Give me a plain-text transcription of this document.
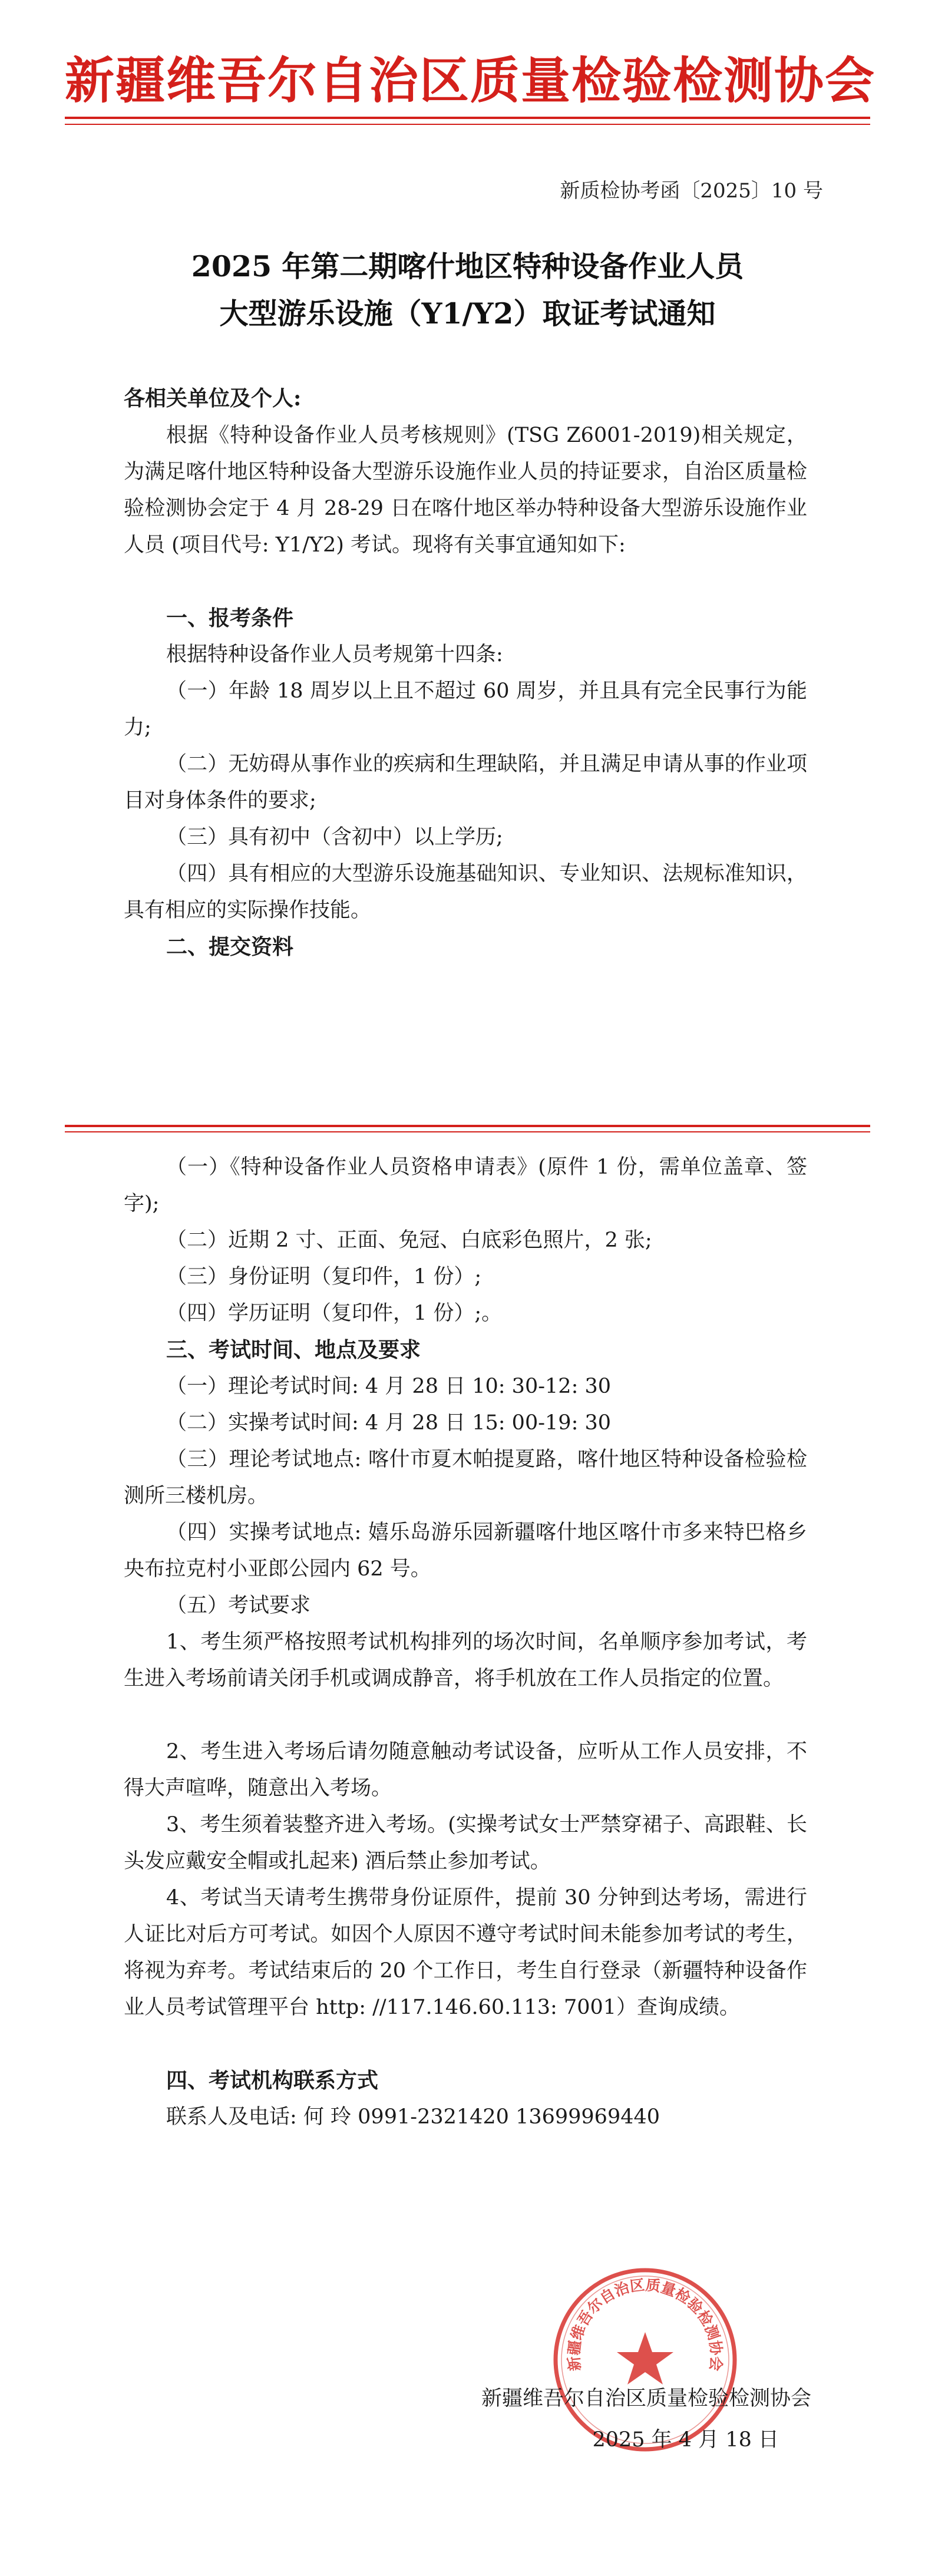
新疆维吾尔自治区质量检验检测协会
新质检协考函〔2025〕10 号
2025 年第二期喀什地区特种设备作业人员
大型游乐设施（Y1/Y2）取证考试通知
各相关单位及个人:
根据《特种设备作业人员考核规则》(TSG Z6001-2019)相关规定，为满足喀什地区特种设备大型游乐设施作业人员的持证要求，自治区质量检验检测协会定于 4 月 28-29 日在喀什地区举办特种设备大型游乐设施作业人员 (项目代号: Y1/Y2) 考试。现将有关事宜通知如下:
一、报考条件
根据特种设备作业人员考规第十四条:
（一）年龄 18 周岁以上且不超过 60 周岁，并且具有完全民事行为能力;
（二）无妨碍从事作业的疾病和生理缺陷，并且满足申请从事的作业项目对身体条件的要求;
（三）具有初中（含初中）以上学历;
（四）具有相应的大型游乐设施基础知识、专业知识、法规标准知识，具有相应的实际操作技能。
二、提交资料
（一）《特种设备作业人员资格申请表》(原件 1 份，需单位盖章、签字);
（二）近期 2 寸、正面、免冠、白底彩色照片，2 张;
（三）身份证明（复印件，1 份）;
（四）学历证明（复印件，1 份）;。
三、考试时间、地点及要求
（一）理论考试时间: 4 月 28 日 10: 30-12: 30
（二）实操考试时间: 4 月 28 日 15: 00-19: 30
（三）理论考试地点: 喀什市夏木帕提夏路，喀什地区特种设备检验检测所三楼机房。
（四）实操考试地点: 嬉乐岛游乐园新疆喀什地区喀什市多来特巴格乡央布拉克村小亚郎公园内 62 号。
（五）考试要求
1、考生须严格按照考试机构排列的场次时间，名单顺序参加考试，考生进入考场前请关闭手机或调成静音，将手机放在工作人员指定的位置。
2、考生进入考场后请勿随意触动考试设备，应听从工作人员安排，不得大声喧哗，随意出入考场。
3、考生须着装整齐进入考场。(实操考试女士严禁穿裙子、高跟鞋、长头发应戴安全帽或扎起来) 酒后禁止参加考试。
4、考试当天请考生携带身份证原件，提前 30 分钟到达考场，需进行人证比对后方可考试。如因个人原因不遵守考试时间未能参加考试的考生，将视为弃考。考试结束后的 20 个工作日，考生自行登录（新疆特种设备作业人员考试管理平台 http: //117.146.60.113: 7001）查询成绩。
四、考试机构联系方式
联系人及电话: 何 玲 0991-2321420 13699969440
新疆维吾尔自治区质量检验检测协会
新疆维吾尔自治区质量检验检测协会
2025 年 4 月 18 日
